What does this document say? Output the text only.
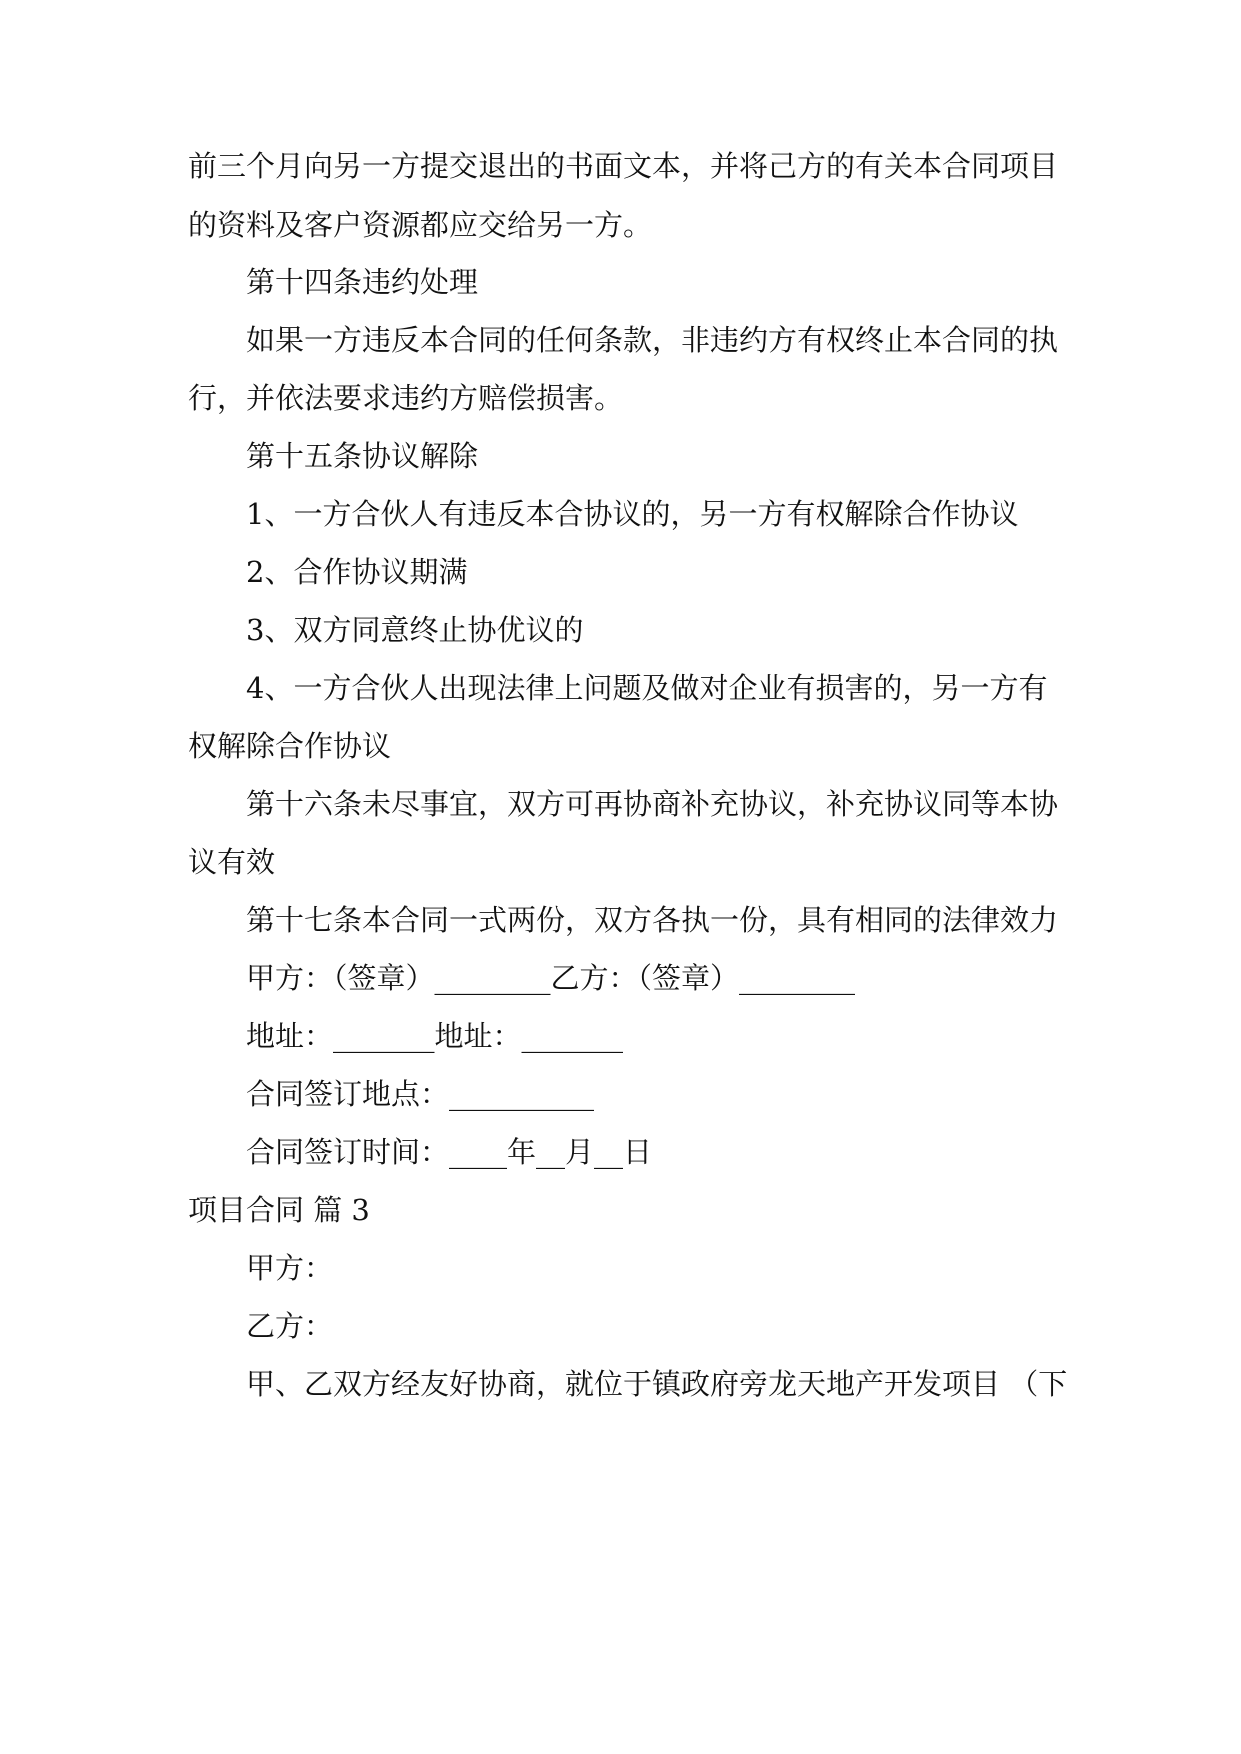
前三个月向另一方提交退出的书面文本，并将己方的有关本合同项目
的资料及客户资源都应交给另一方。
第十四条违约处理
如果一方违反本合同的任何条款，非违约方有权终止本合同的执
行，并依法要求违约方赔偿损害。
第十五条协议解除
1、一方合伙人有违反本合协议的，另一方有权解除合作协议
2、合作协议期满
3、双方同意终止协优议的
4、一方合伙人出现法律上问题及做对企业有损害的，另一方有
权解除合作协议
第十六条未尽事宜，双方可再协商补充协议，补充协议同等本协
议有效
第十七条本合同一式两份，双方各执一份，具有相同的法律效力
甲方：（签章）________乙方：（签章）________
地址：_______地址：_______
合同签订地点：__________
合同签订时间：____年__月__日
项目合同 篇 3
甲方：
乙方：
甲、乙双方经友好协商，就位于镇政府旁龙天地产开发项目 （下
